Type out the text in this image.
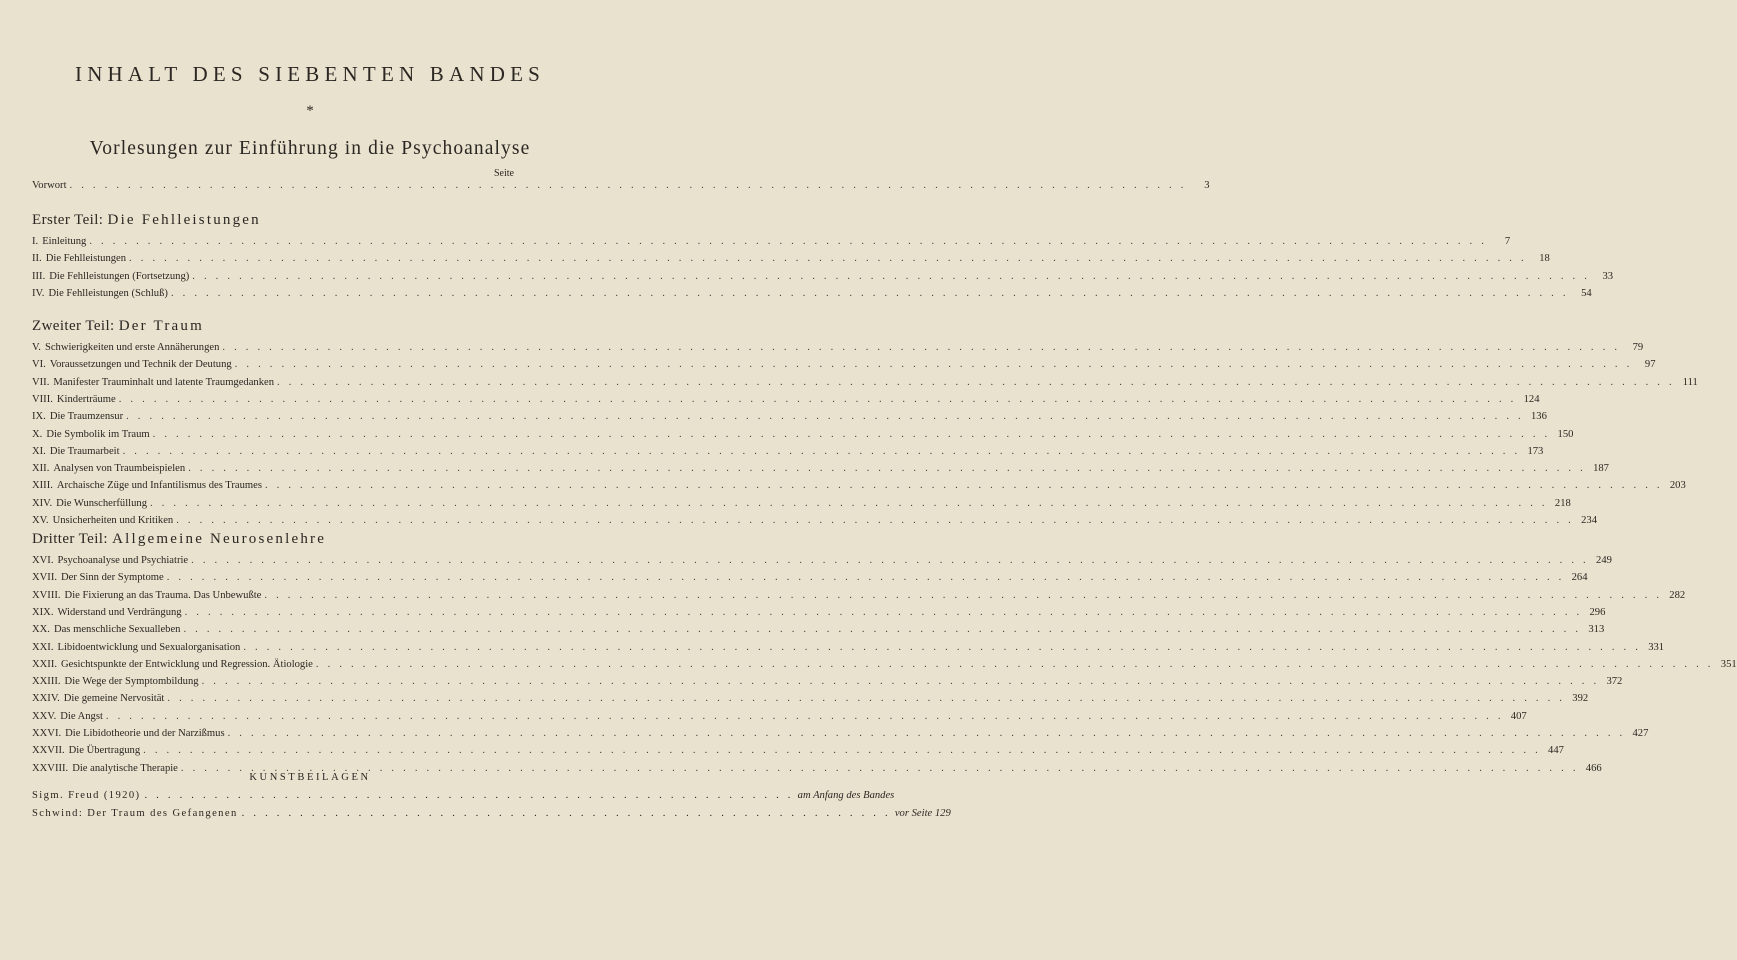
INHALT DES SIEBENTEN BANDES
*
Vorlesungen zur Einführung in die Psychoanalyse
Seite
Vorwort . . . . . . . . . . . . . . . . . . . . . . . . . . . . . . . . . . . . . . . . . . . . . . . . . . . . . . . . . . . . . . . . . . . . . . . . . . . . . . . . . . . . . . . . . . . . . . . .	3
Erster Teil: Die Fehlleistungen
I. Einleitung . . . . . . . . . . . . . . . . . . . . . . . . . . . . . . . . . . . . . . . . . . . . . . . . . . . . . . . . . . . . . . . . . . . . . . . . . . . . . . . . . . . . . . . . . . . . . . . . . . . . . . . . . . . . . . . . . . . . . . . .	7
II. Die Fehlleistungen . . . . . . . . . . . . . . . . . . . . . . . . . . . . . . . . . . . . . . . . . . . . . . . . . . . . . . . . . . . . . . . . . . . . . . . . . . . . . . . . . . . . . . . . . . . . . . . . . . . . . . . . . . . . . . . . . . . . . . . .	18
III. Die Fehlleistungen (Fortsetzung) . . . . . . . . . . . . . . . . . . . . . . . . . . . . . . . . . . . . . . . . . . . . . . . . . . . . . . . . . . . . . . . . . . . . . . . . . . . . . . . . . . . . . . . . . . . . . . . . . . . . . . . . . . . . . . . . . . . . . . . .	33
IV. Die Fehlleistungen (Schluß) . . . . . . . . . . . . . . . . . . . . . . . . . . . . . . . . . . . . . . . . . . . . . . . . . . . . . . . . . . . . . . . . . . . . . . . . . . . . . . . . . . . . . . . . . . . . . . . . . . . . . . . . . . . . . . . . . . . . . . . .	54
Zweiter Teil: Der Traum
V. Schwierigkeiten und erste Annäherungen . . . . . . . . . . . . . . . . . . . . . . . . . . . . . . . . . . . . . . . . . . . . . . . . . . . . . . . . . . . . . . . . . . . . . . . . . . . . . . . . . . . . . . . . . . . . . . . . . . . . . . . . . . . . . . . . . . . . . . . .	79
VI. Voraussetzungen und Technik der Deutung . . . . . . . . . . . . . . . . . . . . . . . . . . . . . . . . . . . . . . . . . . . . . . . . . . . . . . . . . . . . . . . . . . . . . . . . . . . . . . . . . . . . . . . . . . . . . . . . . . . . . . . . . . . . . . . . . . . . . . . .	97
VII. Manifester Trauminhalt und latente Traumgedanken . . . . . . . . . . . . . . . . . . . . . . . . . . . . . . . . . . . . . . . . . . . . . . . . . . . . . . . . . . . . . . . . . . . . . . . . . . . . . . . . . . . . . . . . . . . . . . . . . . . . . . . . . . . . . . . . . . . . . . . . 111
VIII. Kinderträume . . . . . . . . . . . . . . . . . . . . . . . . . . . . . . . . . . . . . . . . . . . . . . . . . . . . . . . . . . . . . . . . . . . . . . . . . . . . . . . . . . . . . . . . . . . . . . . . . . . . . . . . . . . . . . . . . . . . . . . . 124
IX. Die Traumzensur . . . . . . . . . . . . . . . . . . . . . . . . . . . . . . . . . . . . . . . . . . . . . . . . . . . . . . . . . . . . . . . . . . . . . . . . . . . . . . . . . . . . . . . . . . . . . . . . . . . . . . . . . . . . . . . . . . . . . . . . 136
X. Die Symbolik im Traum . . . . . . . . . . . . . . . . . . . . . . . . . . . . . . . . . . . . . . . . . . . . . . . . . . . . . . . . . . . . . . . . . . . . . . . . . . . . . . . . . . . . . . . . . . . . . . . . . . . . . . . . . . . . . . . . . . . . . . . . 150
XI. Die Traumarbeit . . . . . . . . . . . . . . . . . . . . . . . . . . . . . . . . . . . . . . . . . . . . . . . . . . . . . . . . . . . . . . . . . . . . . . . . . . . . . . . . . . . . . . . . . . . . . . . . . . . . . . . . . . . . . . . . . . . . . . . . 173
XII. Analysen von Traumbeispielen . . . . . . . . . . . . . . . . . . . . . . . . . . . . . . . . . . . . . . . . . . . . . . . . . . . . . . . . . . . . . . . . . . . . . . . . . . . . . . . . . . . . . . . . . . . . . . . . . . . . . . . . . . . . . . . . . . . . . . . . 187
XIII. Archaische Züge und Infantilismus des Traumes . . . . . . . . . . . . . . . . . . . . . . . . . . . . . . . . . . . . . . . . . . . . . . . . . . . . . . . . . . . . . . . . . . . . . . . . . . . . . . . . . . . . . . . . . . . . . . . . . . . . . . . . . . . . . . . . . . . . . . . . 203
XIV. Die Wunscherfüllung . . . . . . . . . . . . . . . . . . . . . . . . . . . . . . . . . . . . . . . . . . . . . . . . . . . . . . . . . . . . . . . . . . . . . . . . . . . . . . . . . . . . . . . . . . . . . . . . . . . . . . . . . . . . . . . . . . . . . . . . 218
XV. Unsicherheiten und Kritiken . . . . . . . . . . . . . . . . . . . . . . . . . . . . . . . . . . . . . . . . . . . . . . . . . . . . . . . . . . . . . . . . . . . . . . . . . . . . . . . . . . . . . . . . . . . . . . . . . . . . . . . . . . . . . . . . . . . . . . . . 234
Dritter Teil: Allgemeine Neurosenlehre
XVI. Psychoanalyse und Psychiatrie . . . . . . . . . . . . . . . . . . . . . . . . . . . . . . . . . . . . . . . . . . . . . . . . . . . . . . . . . . . . . . . . . . . . . . . . . . . . . . . . . . . . . . . . . . . . . . . . . . . . . . . . . . . . . . . . . . . . . . . . 249
XVII. Der Sinn der Symptome . . . . . . . . . . . . . . . . . . . . . . . . . . . . . . . . . . . . . . . . . . . . . . . . . . . . . . . . . . . . . . . . . . . . . . . . . . . . . . . . . . . . . . . . . . . . . . . . . . . . . . . . . . . . . . . . . . . . . . . . 264
XVIII. Die Fixierung an das Trauma. Das Unbewußte . . . . . . . . . . . . . . . . . . . . . . . . . . . . . . . . . . . . . . . . . . . . . . . . . . . . . . . . . . . . . . . . . . . . . . . . . . . . . . . . . . . . . . . . . . . . . . . . . . . . . . . . . . . . . . . . . . . . . . . . 282
XIX. Widerstand und Verdrängung . . . . . . . . . . . . . . . . . . . . . . . . . . . . . . . . . . . . . . . . . . . . . . . . . . . . . . . . . . . . . . . . . . . . . . . . . . . . . . . . . . . . . . . . . . . . . . . . . . . . . . . . . . . . . . . . . . . . . . . . 296
XX. Das menschliche Sexualleben . . . . . . . . . . . . . . . . . . . . . . . . . . . . . . . . . . . . . . . . . . . . . . . . . . . . . . . . . . . . . . . . . . . . . . . . . . . . . . . . . . . . . . . . . . . . . . . . . . . . . . . . . . . . . . . . . . . . . . . . 313
XXI. Libidoentwicklung und Sexualorganisation . . . . . . . . . . . . . . . . . . . . . . . . . . . . . . . . . . . . . . . . . . . . . . . . . . . . . . . . . . . . . . . . . . . . . . . . . . . . . . . . . . . . . . . . . . . . . . . . . . . . . . . . . . . . . . . . . . . . . . . . 331
XXII. Gesichtspunkte der Entwicklung und Regression. Ätiologie . . . . . . . . . . . . . . . . . . . . . . . . . . . . . . . . . . . . . . . . . . . . . . . . . . . . . . . . . . . . . . . . . . . . . . . . . . . . . . . . . . . . . . . . . . . . . . . . . . . . . . . . . . . . . . . . . . . . . . . . 351
XXIII. Die Wege der Symptombildung . . . . . . . . . . . . . . . . . . . . . . . . . . . . . . . . . . . . . . . . . . . . . . . . . . . . . . . . . . . . . . . . . . . . . . . . . . . . . . . . . . . . . . . . . . . . . . . . . . . . . . . . . . . . . . . . . . . . . . . . 372
XXIV. Die gemeine Nervosität . . . . . . . . . . . . . . . . . . . . . . . . . . . . . . . . . . . . . . . . . . . . . . . . . . . . . . . . . . . . . . . . . . . . . . . . . . . . . . . . . . . . . . . . . . . . . . . . . . . . . . . . . . . . . . . . . . . . . . . . 392
XXV. Die Angst . . . . . . . . . . . . . . . . . . . . . . . . . . . . . . . . . . . . . . . . . . . . . . . . . . . . . . . . . . . . . . . . . . . . . . . . . . . . . . . . . . . . . . . . . . . . . . . . . . . . . . . . . . . . . . . . . . . . . . . . 407
XXVI. Die Libidotheorie und der Narzißmus . . . . . . . . . . . . . . . . . . . . . . . . . . . . . . . . . . . . . . . . . . . . . . . . . . . . . . . . . . . . . . . . . . . . . . . . . . . . . . . . . . . . . . . . . . . . . . . . . . . . . . . . . . . . . . . . . . . . . . . . 427
XXVII. Die Übertragung . . . . . . . . . . . . . . . . . . . . . . . . . . . . . . . . . . . . . . . . . . . . . . . . . . . . . . . . . . . . . . . . . . . . . . . . . . . . . . . . . . . . . . . . . . . . . . . . . . . . . . . . . . . . . . . . . . . . . . . . 447
XXVIII. Die analytische Therapie . . . . . . . . . . . . . . . . . . . . . . . . . . . . . . . . . . . . . . . . . . . . . . . . . . . . . . . . . . . . . . . . . . . . . . . . . . . . . . . . . . . . . . . . . . . . . . . . . . . . . . . . . . . . . . . . . . . . . . . . 466
KUNSTBEILAGEN
Sigm. Freud (1920) . . . . . . . . . . . . . . . . . . . . . . . . . . . . . . . . . . . . . . . . . . . . . . . . . . . . . . . . am Anfang des Bandes
Schwind: Der Traum des Gefangenen . . . . . . . . . . . . . . . . . . . . . . . . . . . . . . . . . . . . . . . . . . . . . . . . . . . . . . . . vor Seite 129
